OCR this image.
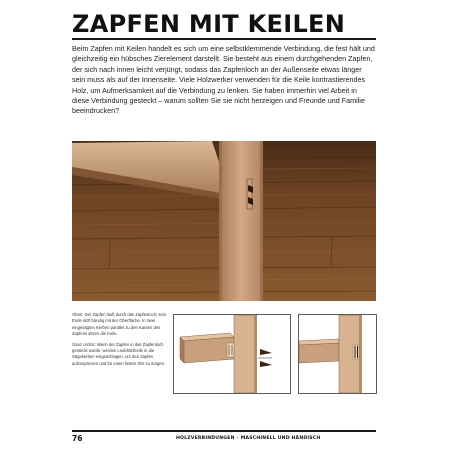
ZAPFEN MIT KEILEN

Beim Zapfen mit Keilen handelt es sich um eine selbstklemmende Verbindung, die fest hält und gleichzeitig ein hübsches Zierelement darstellt. Sie besteht aus einem durchgehenden Zapfen, der sich nach innen leicht verjüngt, sodass das Zapfenloch an der Außenseite etwas länger sein muss als auf der Innenseite. Viele Holzwerker verwenden für die Keile kontrastierendes Holz, um Aufmerksamkeit auf die Verbindung zu lenken. Sie haben immerhin viel Arbeit in diese Verbindung gesteckt – warum sollten Sie sie nicht herzeigen und Freunde und Familie beeindrucken?

Oben: Der Zapfen läuft durch das Zapfenloch; sein Ende sitzt bündig mit der Oberfläche. In zwei eingesägten Kerben parallel zu den Kanten des Zapfens sitzen die Keile.

Ganz rechts: Wenn der Zapfen in das Zapfenloch gesteckt wurde, werden Leubhölzkeile in die Sägekerben eingeschlagen, um den Zapfen aufzuspreizen und für einen festen Sitz zu sorgen.

76	HOLZVERBINDUNGEN – MASCHINELL UND HÄNDISCH
